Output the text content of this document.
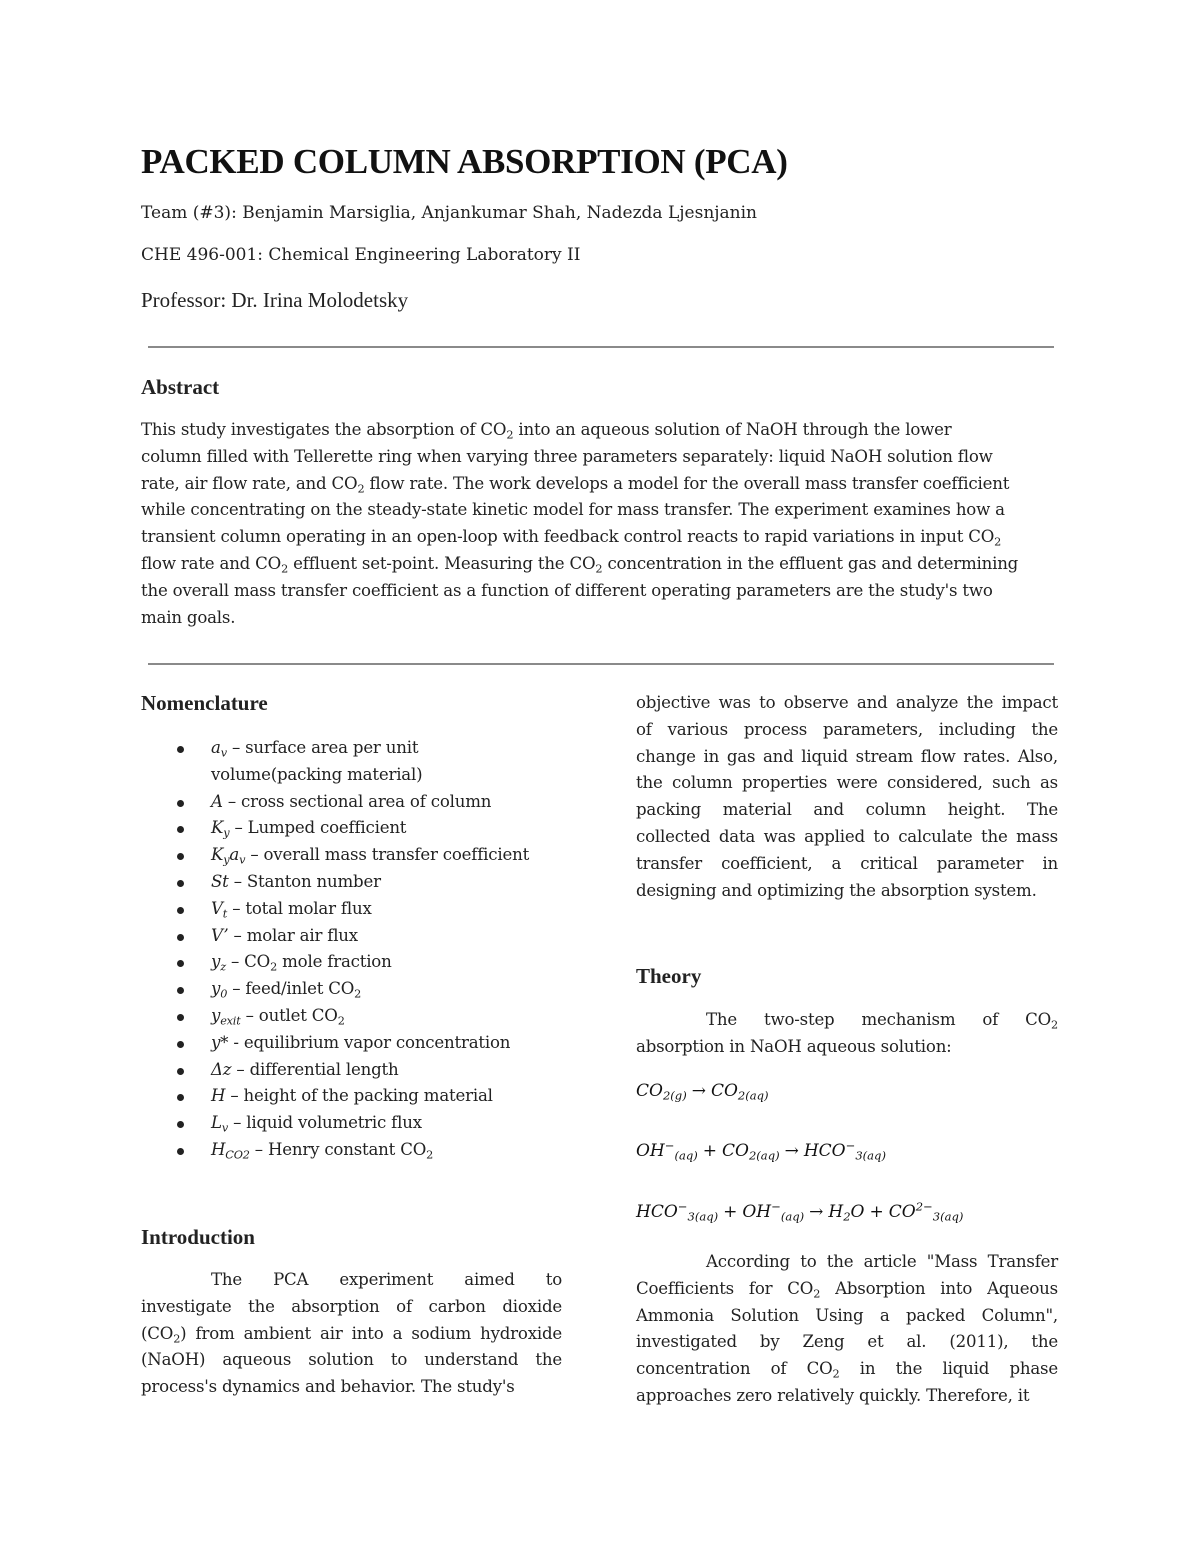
PACKED COLUMN ABSORPTION (PCA)
Team (#3): Benjamin Marsiglia, Anjankumar Shah, Nadezda Ljesnjanin
CHE 496-001: Chemical Engineering Laboratory II
Professor: Dr. Irina Molodetsky
Abstract
This study investigates the absorption of $CO_2$ into an aqueous solution of NaOH through the lower
column filled with Tellerette ring when varying three parameters separately: liquid NaOH solution flow
rate, air flow rate, and $CO_2$ flow rate. The work develops a model for the overall mass transfer coefficient
while concentrating on the steady-state kinetic model for mass transfer. The experiment examines how a
transient column operating in an open-loop with feedback control reacts to rapid variations in input $CO_2$
flow rate and $CO_2$ effluent set-point. Measuring the $CO_2$ concentration in the effluent gas and determining
the overall mass transfer coefficient as a function of different operating parameters are the study's two
main goals.
Nomenclature
$a_v$ – surface area per unit
volume(packing material)
A – cross sectional area of column
$K_y$ – Lumped coefficient
$K_ya_v$ – overall mass transfer coefficient
St – Stanton number
$V_t$ – total molar flux
V’ – molar air flux
$y_z - CO_2$ mole fraction
$y_0$ – feed/inlet $CO_2$
$y_{exit}$ – outlet $CO_2$
y* - equilibrium vapor concentration
Δz – differential length
H – height of the packing material
$L_v$ – liquid volumetric flux
$H_{CO2}$ – Henry constant $CO_2$
Introduction
The PCA experiment aimed to
investigate the absorption of carbon dioxide
$(CO_2)$ from ambient air into a sodium hydroxide
(NaOH) aqueous solution to understand the
process's dynamics and behavior. The study's
objective was to observe and analyze the impact
of various process parameters, including the
change in gas and liquid stream flow rates. Also,
the column properties were considered, such as
packing material and column height. The
collected data was applied to calculate the mass
transfer coefficient, a critical parameter in
designing and optimizing the absorption system.
Theory
The two-step mechanism of $CO_2$
absorption in NaOH aqueous solution:
$CO_{2(g)} \to CO_{2(aq)}$
$OH^-_{(aq)} + CO_{2(aq)} \to HCO^-_{3(aq)}$
$HCO^-_{3(aq)} + OH^-_{(aq)} \to H_2O + CO^{2-}_{3(aq)}$
According to the article "Mass Transfer
Coefficients for $CO_2$ Absorption into Aqueous
Ammonia Solution Using a packed Column",
investigated by Zeng et al. (2011), the
concentration of $CO_2$ in the liquid phase
approaches zero relatively quickly. Therefore, it
